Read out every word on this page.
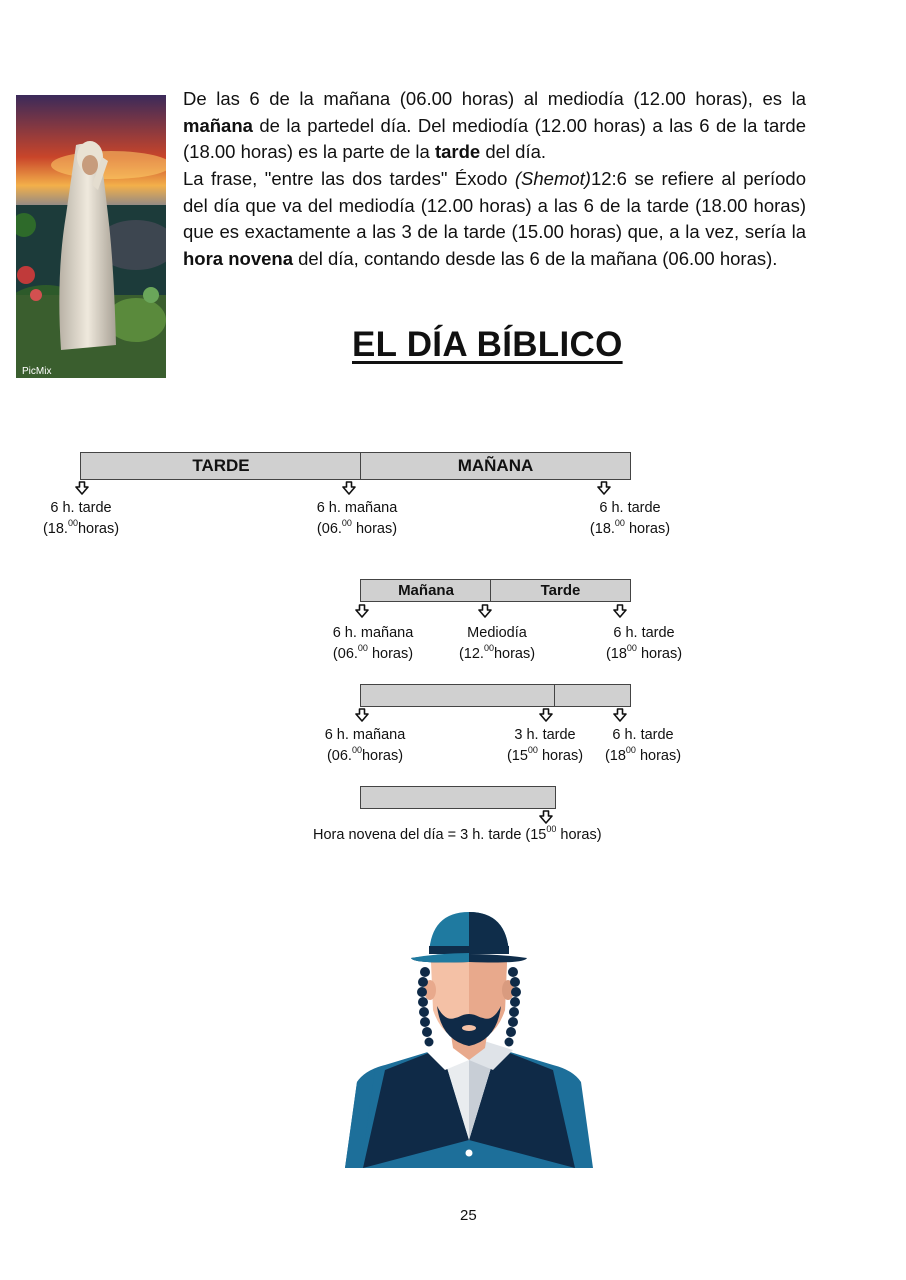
PicMix

De las 6 de la mañana (06.00 horas) al mediodía (12.00 horas), es la mañana de la partedel día. Del mediodía (12.00 horas) a las 6 de la tarde (18.00 horas) es la parte de la tarde del día.

La frase, "entre las dos tardes" Éxodo (Shemot)12:6 se refiere al período del día que va del mediodía (12.00 horas) a las 6 de la tarde (18.00 horas) que es exactamente a las 3 de la tarde (15.00 horas) que, a la vez, sería la hora novena del día, contando desde las 6 de la mañana (06.00 horas).

EL DÍA BÍBLICO
TARDE	MAÑANA
6 h. tarde
(18.00horas)
6 h. mañana
(06.00 horas)
6 h. tarde
(18.00 horas)
Mañana	Tarde
6 h. mañana
(06.00 horas)
Mediodía
(12.00horas)
6 h. tarde
($18^{00}$ horas)
6 h. mañana
(06.00horas)
3 h. tarde
($15^{00}$ horas)
6 h. tarde
($18^{00}$ horas)
Hora novena del día = 3 h. tarde ($15^{00}$ horas)
25
